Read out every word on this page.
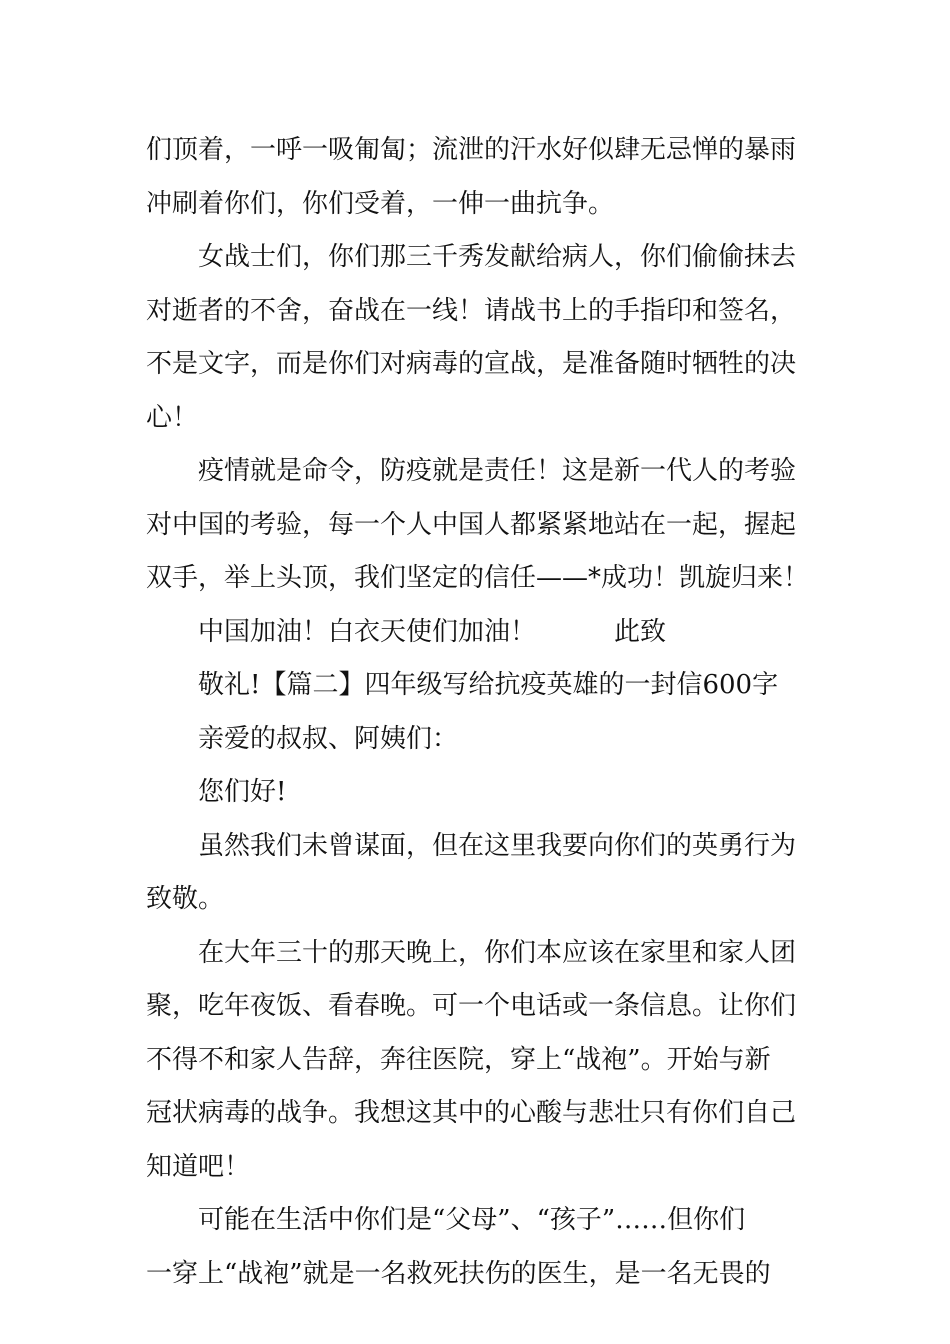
们顶着，一呼一吸匍匐；流泄的汗水好似肆无忌惮的暴雨
冲刷着你们，你们受着，一伸一曲抗争。
女战士们，你们那三千秀发献给病人，你们偷偷抹去
对逝者的不舍，奋战在一线！请战书上的手指印和签名，
不是文字，而是你们对病毒的宣战，是准备随时牺牲的决
心！
疫情就是命令，防疫就是责任！这是新一代人的考验
对中国的考验，每一个人中国人都紧紧地站在一起，握起
双手，举上头顶，我们坚定的信任——*成功！凯旋归来！
中国加油！白衣天使们加油！　　　此致
敬礼!【篇二】四年级写给抗疫英雄的一封信600字
亲爱的叔叔、阿姨们：
您们好!
虽然我们未曾谋面，但在这里我要向你们的英勇行为
致敬。
在大年三十的那天晚上，你们本应该在家里和家人团
聚，吃年夜饭、看春晚。可一个电话或一条信息。让你们
不得不和家人告辞，奔往医院，穿上“战袍”。开始与新
冠状病毒的战争。我想这其中的心酸与悲壮只有你们自己
知道吧！
可能在生活中你们是“父母”、“孩子”……但你们
一穿上“战袍”就是一名救死扶伤的医生，是一名无畏的
